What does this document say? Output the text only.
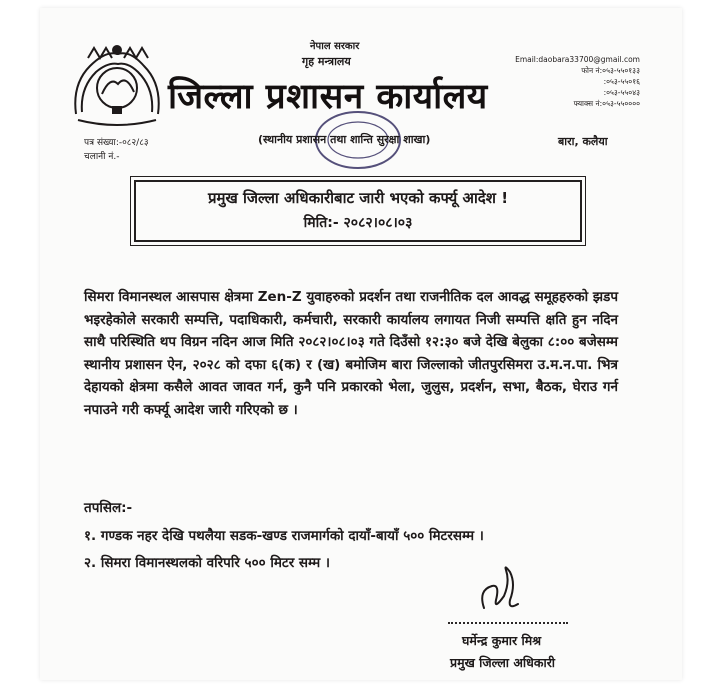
नेपाल सरकार
गृह मन्त्रालय
जिल्ला प्रशासन कार्यालय
Email:daobara33700@gmail.com
फोन नं:०५३-५५०१३३
:०५३-५५०१६
:०५३-५५०४३
फ्याक्स नं:०५३-५५००००
पत्र संख्या:-०८२/८३
चलानी नं.-
(स्थानीय प्रशासन तथा शान्ति सुरक्षा शाखा)	बारा, कलैया
प्रमुख जिल्ला अधिकारीबाट जारी भएको कर्फ्यू आदेश !
मिति:- २०८२।०८।०३
सिमरा विमानस्थल आसपास क्षेत्रमा Zen-Z युवाहरुको प्रदर्शन तथा राजनीतिक दल आवद्ध समूहहरुको झडप भइरहेकोले सरकारी सम्पत्ति, पदाधिकारी, कर्मचारी, सरकारी कार्यालय लगायत निजी सम्पत्ति क्षति हुन नदिन साथै परिस्थिति थप विग्रन नदिन आज मिति २०८२।०८।०३ गते दिउँसो १२:३० बजे देखि बेलुका ८:०० बजेसम्म स्थानीय प्रशासन ऐन, २०२८ को दफा ६(क) र (ख) बमोजिम बारा जिल्लाको जीतपुरसिमरा उ.म.न.पा. भित्र देहायको क्षेत्रमा कसैले आवत जावत गर्न, कुनै पनि प्रकारको भेला, जुलुस, प्रदर्शन, सभा, बैठक, घेराउ गर्न नपाउने गरी कर्फ्यू आदेश जारी गरिएको छ ।
तपसिल:-
१. गण्डक नहर देखि पथलैया सडक-खण्ड राजमार्गको दायाँ-बायाँ ५०० मिटरसम्म ।
२. सिमरा विमानस्थलको वरिपरि ५०० मिटर सम्म ।
घर्मेन्द्र कुमार मिश्र
प्रमुख जिल्ला अधिकारी
